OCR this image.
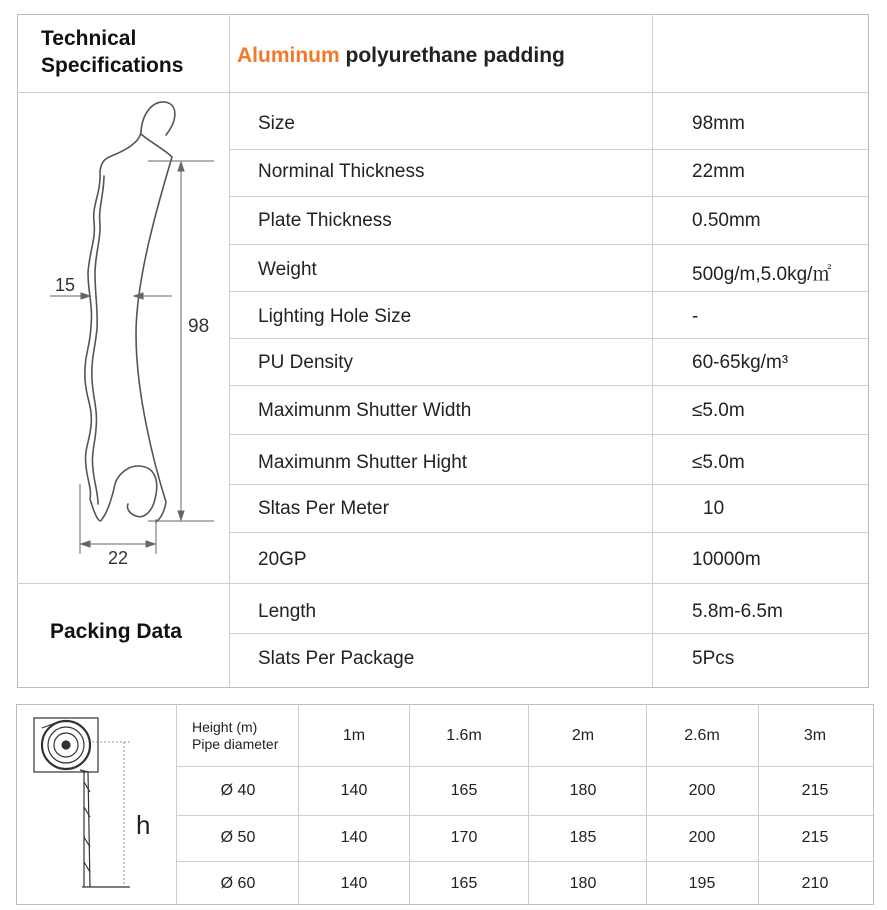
Technical
Specifications	Aluminum polyurethane padding
Size	98mm
Norminal Thickness	22mm
Plate Thickness	0.50mm
Weight	500g/m,5.0kg/㎡
Lighting Hole Size	-
PU Density	60-65kg/m³
Maximunm Shutter Width	≤5.0m
Maximunm Shutter Hight	≤5.0m
Sltas Per Meter	10
20GP	10000m
Packing Data
Length	5.8m-6.5m
Slats Per Package	5Pcs
15
98
22
h
Height (m)
Pipe diameter	1m	1.6m	2m	2.6m	3m
Ø 40	140	165	180	200	215
Ø 50	140	170	185	200	215
Ø 60	140	165	180	195	210
